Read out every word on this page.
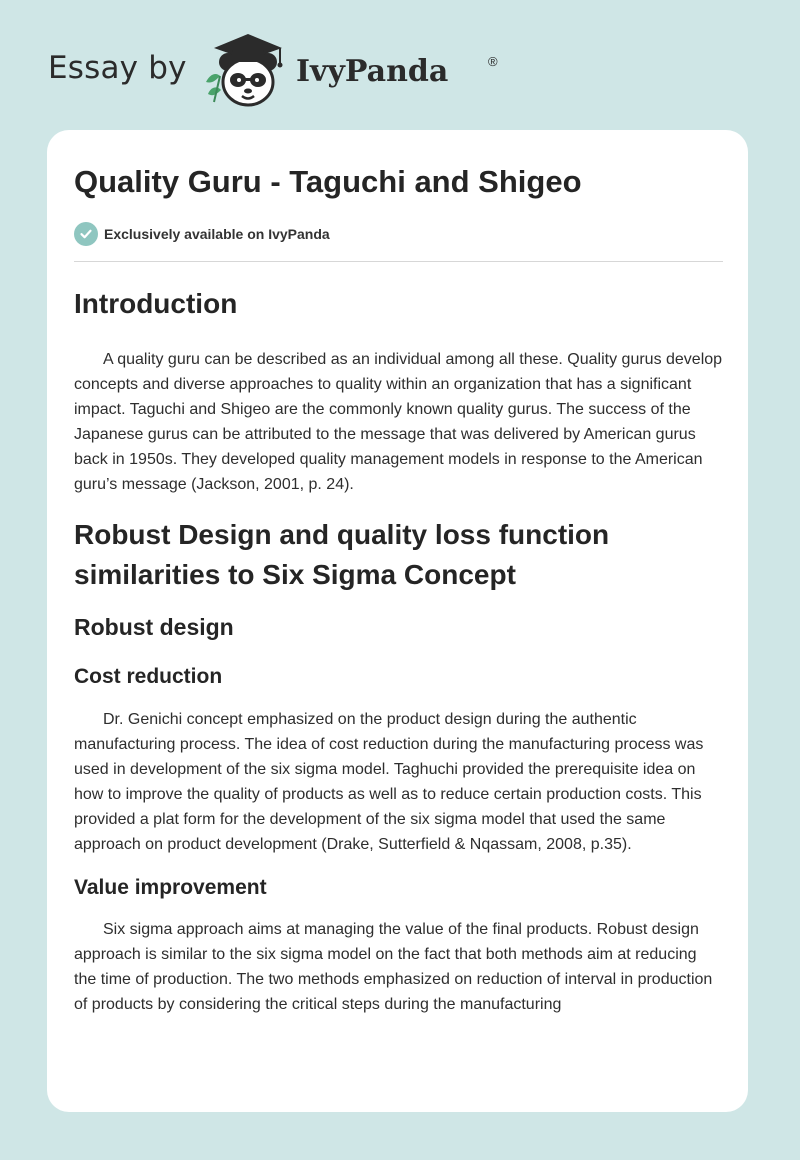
Essay by	IvyPanda	®
Quality Guru - Taguchi and Shigeo
Exclusively available on IvyPanda
Introduction

A quality guru can be described as an individual among all these. Quality gurus develop concepts and diverse approaches to quality within an organization that has a significant impact. Taguchi and Shigeo are the commonly known quality gurus. The success of the Japanese gurus can be attributed to the message that was delivered by American gurus back in 1950s. They developed quality management models in response to the American guru’s message (Jackson, 2001, p. 24).

Robust Design and quality loss function similarities to Six Sigma Concept
Robust design
Cost reduction

Dr. Genichi concept emphasized on the product design during the authentic manufacturing process. The idea of cost reduction during the manufacturing process was used in development of the six sigma model. Taghuchi provided the prerequisite idea on how to improve the quality of products as well as to reduce certain production costs. This provided a plat form for the development of the six sigma model that used the same approach on product development (Drake, Sutterfield & Nqassam, 2008, p.35).

Value improvement

Six sigma approach aims at managing the value of the final products. Robust design approach is similar to the six sigma model on the fact that both methods aim at reducing the time of production. The two methods emphasized on reduction of interval in production of products by considering the critical steps during the manufacturing
